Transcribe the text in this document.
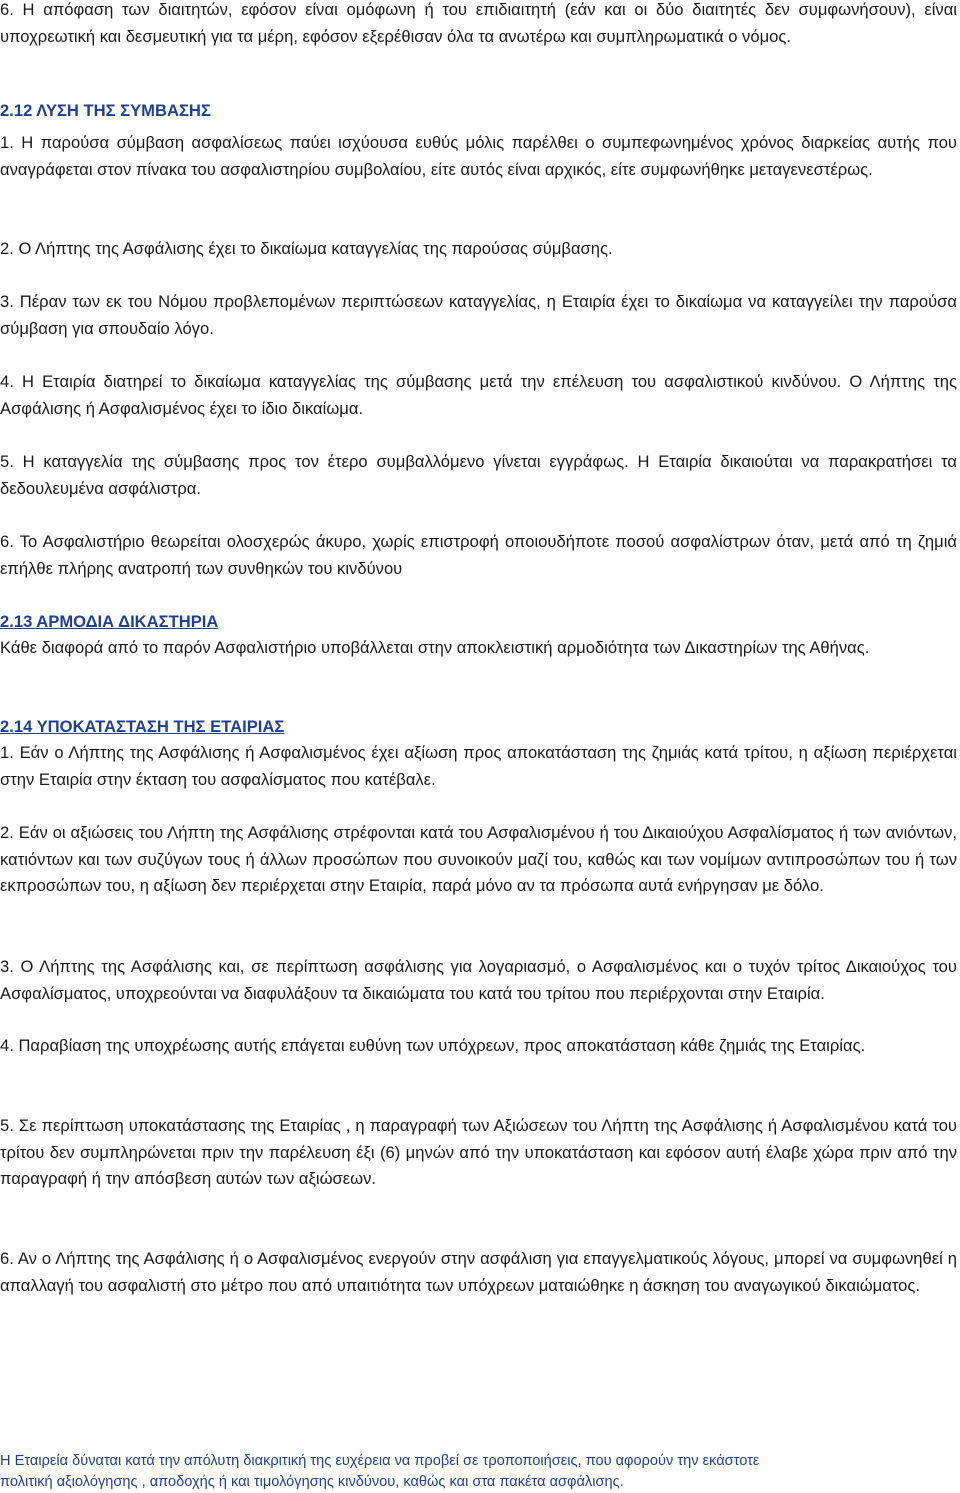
6. Η απόφαση των διαιτητών, εφόσον είναι ομόφωνη ή του επιδιαιτητή (εάν και οι δύο διαιτητές δεν συμφωνήσουν), είναι υποχρεωτική και δεσμευτική για τα μέρη, εφόσον εξερέθισαν όλα τα ανωτέρω και συμπληρωματικά ο νόμος.
2.12 ΛΥΣΗ ΤΗΣ ΣΥΜΒΑΣΗΣ
1. Η παρούσα σύμβαση ασφαλίσεως παύει ισχύουσα ευθύς μόλις παρέλθει ο συμπεφωνημένος χρόνος διαρκείας αυτής που αναγράφεται στον πίνακα του ασφαλιστηρίου συμβολαίου, είτε αυτός είναι αρχικός, είτε συμφωνήθηκε μεταγενεστέρως.
2. Ο Λήπτης της Ασφάλισης έχει το δικαίωμα καταγγελίας της παρούσας σύμβασης.
3. Πέραν των εκ του Νόμου προβλεπομένων περιπτώσεων καταγγελίας, η Εταιρία έχει το δικαίωμα να καταγγείλει την παρούσα σύμβαση για σπουδαίο λόγο.
4. Η Εταιρία διατηρεί το δικαίωμα καταγγελίας της σύμβασης μετά την επέλευση του ασφαλιστικού κινδύνου. Ο Λήπτης της Ασφάλισης ή Ασφαλισμένος έχει το ίδιο δικαίωμα.
5. Η καταγγελία της σύμβασης προς τον έτερο συμβαλλόμενο γίνεται εγγράφως. Η Εταιρία δικαιούται να παρακρατήσει τα δεδουλευμένα ασφάλιστρα.
6. Το Ασφαλιστήριο θεωρείται ολοσχερώς άκυρο, χωρίς επιστροφή οποιουδήποτε ποσού ασφαλίστρων όταν, μετά από τη ζημιά επήλθε πλήρης ανατροπή των συνθηκών του κινδύνου
2.13 ΑΡΜΟΔΙΑ ΔΙΚΑΣΤΗΡΙΑ
Κάθε διαφορά από το παρόν Ασφαλιστήριο υποβάλλεται στην αποκλειστική αρμοδιότητα των Δικαστηρίων της Αθήνας.
2.14 ΥΠΟΚΑΤΑΣΤΑΣΗ ΤΗΣ ΕΤΑΙΡΙΑΣ
1. Εάν ο Λήπτης της Ασφάλισης ή Ασφαλισμένος έχει αξίωση προς αποκατάσταση της ζημιάς κατά τρίτου, η αξίωση περιέρχεται στην Εταιρία στην έκταση του ασφαλίσματος που κατέβαλε.
2. Εάν οι αξιώσεις του Λήπτη της Ασφάλισης στρέφονται κατά του Ασφαλισμένου ή του Δικαιούχου Ασφαλίσματος ή των ανιόντων, κατιόντων και των συζύγων τους ή άλλων προσώπων που συνοικούν μαζί του, καθώς και των νομίμων αντιπροσώπων του ή των εκπροσώπων του, η αξίωση δεν περιέρχεται στην Εταιρία, παρά μόνο αν τα πρόσωπα αυτά ενήργησαν με δόλο.
3. Ο Λήπτης της Ασφάλισης και, σε περίπτωση ασφάλισης για λογαριασμό, ο Ασφαλισμένος και ο τυχόν τρίτος Δικαιούχος του Ασφαλίσματος, υποχρεούνται να διαφυλάξουν τα δικαιώματα του κατά του τρίτου που περιέρχονται στην Εταιρία.
4. Παραβίαση της υποχρέωσης αυτής επάγεται ευθύνη των υπόχρεων, προς αποκατάσταση κάθε ζημιάς της Εταιρίας.
5. Σε περίπτωση υποκατάστασης της Εταιρίας , η παραγραφή των Αξιώσεων του Λήπτη της Ασφάλισης ή Ασφαλισμένου κατά του τρίτου δεν συμπληρώνεται πριν την παρέλευση έξι (6) μηνών από την υποκατάσταση και εφόσον αυτή έλαβε χώρα πριν από την παραγραφή ή την απόσβεση αυτών των αξιώσεων.
6. Αν ο Λήπτης της Ασφάλισης ή ο Ασφαλισμένος ενεργούν στην ασφάλιση για επαγγελματικούς λόγους, μπορεί να συμφωνηθεί η απαλλαγή του ασφαλιστή στο μέτρο που από υπαιτιότητα των υπόχρεων ματαιώθηκε η άσκηση του αναγωγικού δικαιώματος.
Η Εταιρεία δύναται κατά την απόλυτη διακριτική της ευχέρεια να προβεί σε τροποποιήσεις, που αφορούν την εκάστοτε
πολιτική αξιολόγησης , αποδοχής ή και τιμολόγησης κινδύνου, καθώς και στα πακέτα ασφάλισης.
